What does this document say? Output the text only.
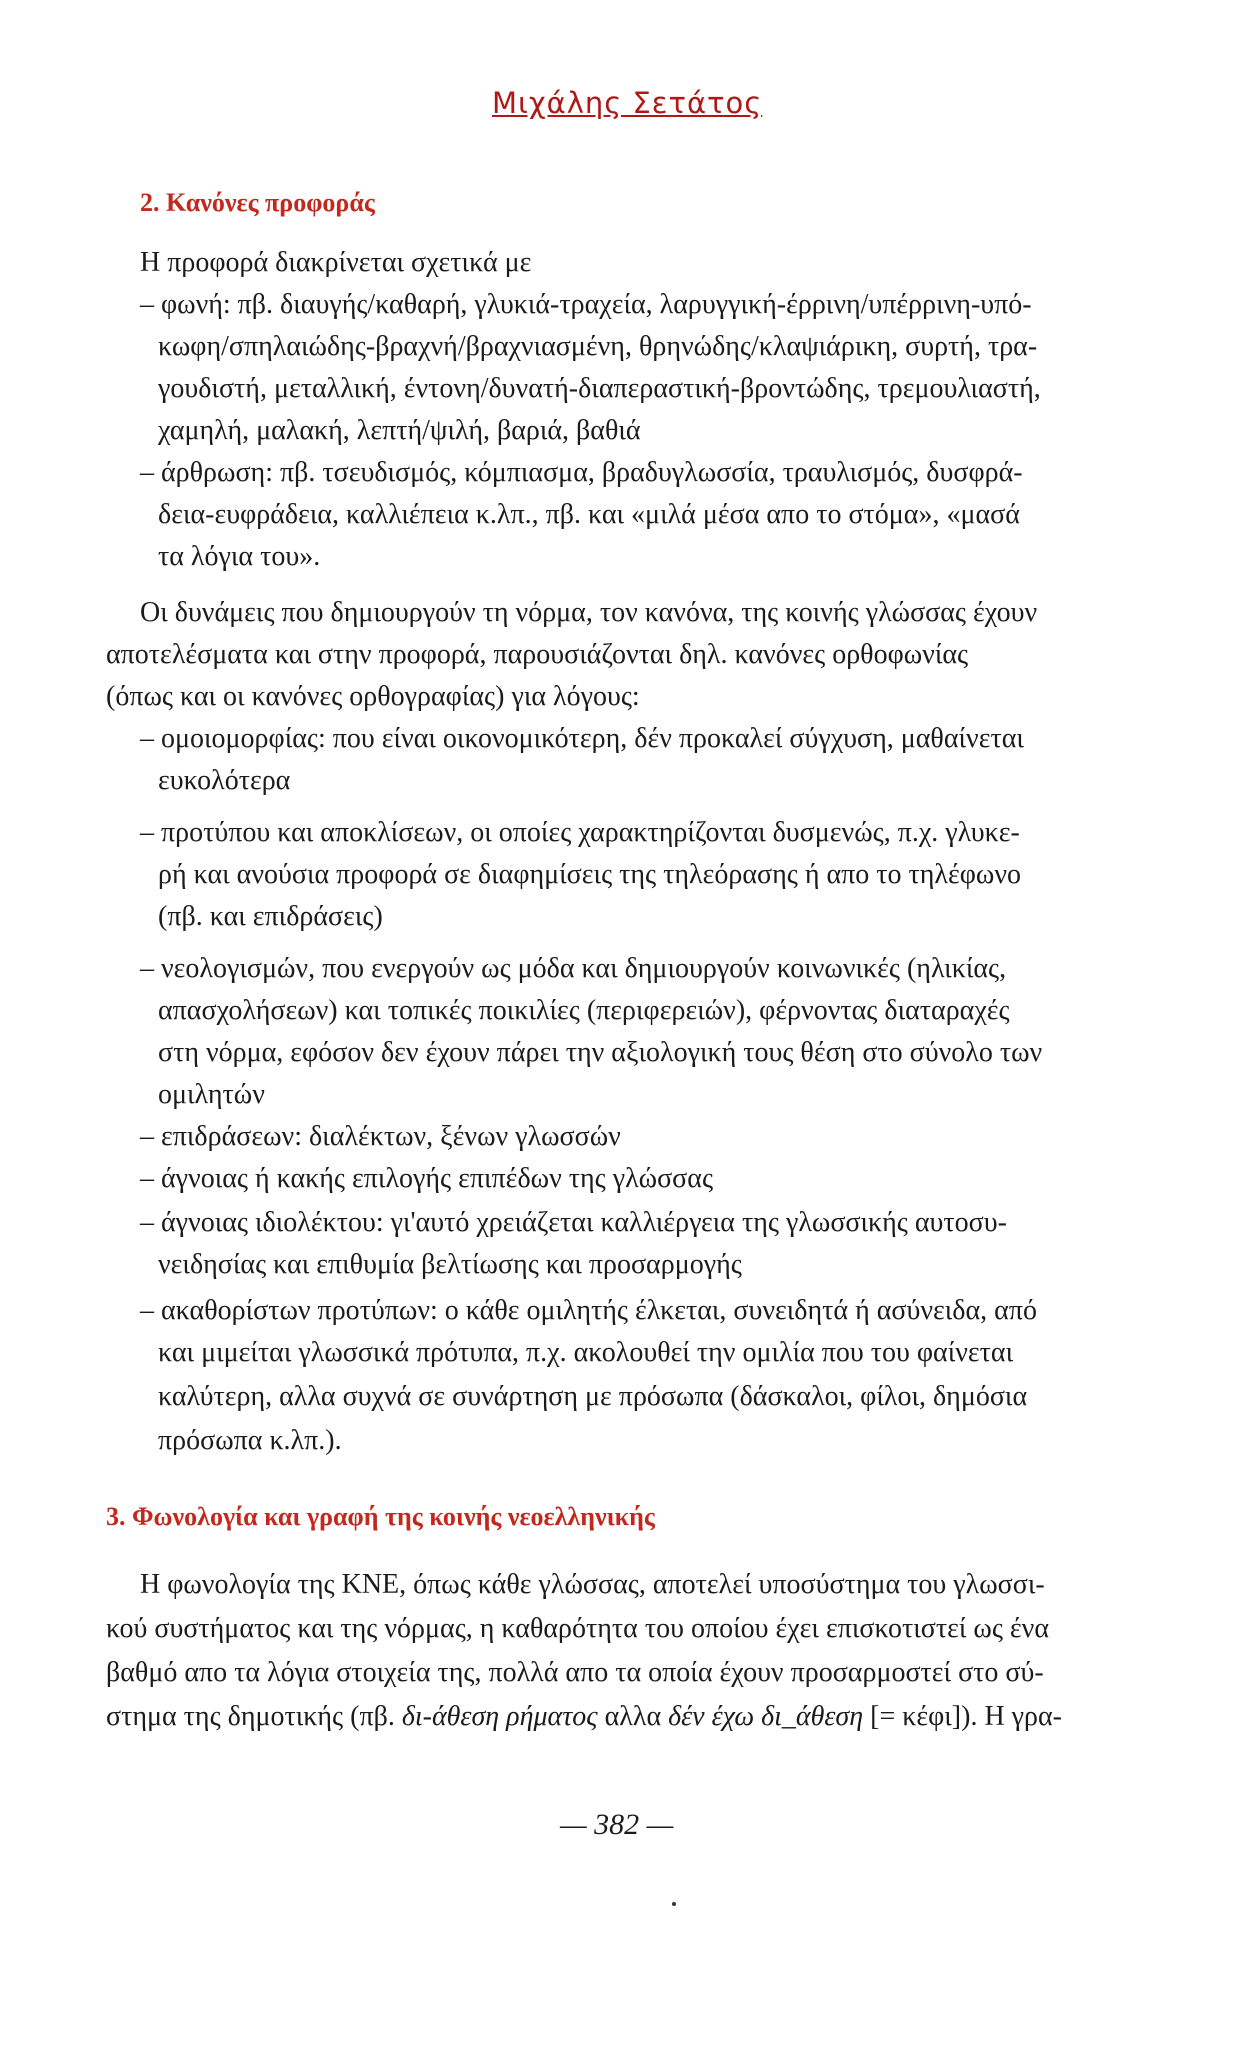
Μιχάλης Σετάτος
2. Κανόνες προφοράς
Η προφορά διακρίνεται σχετικά με
– φωνή: πβ. διαυγής/καθαρή, γλυκιά-τραχεία, λαρυγγική-έρρινη/υπέρρινη-υπό-
κωφη/σπηλαιώδης-βραχνή/βραχνιασμένη, θρηνώδης/κλαψιάρικη, συρτή, τρα-
γουδιστή, μεταλλική, έντονη/δυνατή-διαπεραστική-βροντώδης, τρεμουλιαστή,
χαμηλή, μαλακή, λεπτή/ψιλή, βαριά, βαθιά
– άρθρωση: πβ. τσευδισμός, κόμπιασμα, βραδυγλωσσία, τραυλισμός, δυσφρά-
δεια-ευφράδεια, καλλιέπεια κ.λπ., πβ. και «μιλά μέσα απο το στόμα», «μασά
τα λόγια του».
Οι δυνάμεις που δημιουργούν τη νόρμα, τον κανόνα, της κοινής γλώσσας έχουν
αποτελέσματα και στην προφορά, παρουσιάζονται δηλ. κανόνες ορθοφωνίας
(όπως και οι κανόνες ορθογραφίας) για λόγους:
– ομοιομορφίας: που είναι οικονομικότερη, δέν προκαλεί σύγχυση, μαθαίνεται
ευκολότερα
– προτύπου και αποκλίσεων, οι οποίες χαρακτηρίζονται δυσμενώς, π.χ. γλυκε-
ρή και ανούσια προφορά σε διαφημίσεις της τηλεόρασης ή απο το τηλέφωνο
(πβ. και επιδράσεις)
– νεολογισμών, που ενεργούν ως μόδα και δημιουργούν κοινωνικές (ηλικίας,
απασχολήσεων) και τοπικές ποικιλίες (περιφερειών), φέρνοντας διαταραχές
στη νόρμα, εφόσον δεν έχουν πάρει την αξιολογική τους θέση στο σύνολο των
ομιλητών
– επιδράσεων: διαλέκτων, ξένων γλωσσών
– άγνοιας ή κακής επιλογής επιπέδων της γλώσσας
– άγνοιας ιδιολέκτου: γι'αυτό χρειάζεται καλλιέργεια της γλωσσικής αυτοσυ-
νειδησίας και επιθυμία βελτίωσης και προσαρμογής
– ακαθορίστων προτύπων: ο κάθε ομιλητής έλκεται, συνειδητά ή ασύνειδα, από
και μιμείται γλωσσικά πρότυπα, π.χ. ακολουθεί την ομιλία που του φαίνεται
καλύτερη, αλλα συχνά σε συνάρτηση με πρόσωπα (δάσκαλοι, φίλοι, δημόσια
πρόσωπα κ.λπ.).
3. Φωνολογία και γραφή της κοινής νεοελληνικής
Η φωνολογία της ΚΝΕ, όπως κάθε γλώσσας, αποτελεί υποσύστημα του γλωσσι-
κού συστήματος και της νόρμας, η καθαρότητα του οποίου έχει επισκοτιστεί ως ένα
βαθμό απο τα λόγια στοιχεία της, πολλά απο τα οποία έχουν προσαρμοστεί στο σύ-
στημα της δημοτικής (πβ. δι-άθεση ρήματος αλλα δέν έχω δι_άθεση [= κέφι]). Η γρα-
— 382 —
